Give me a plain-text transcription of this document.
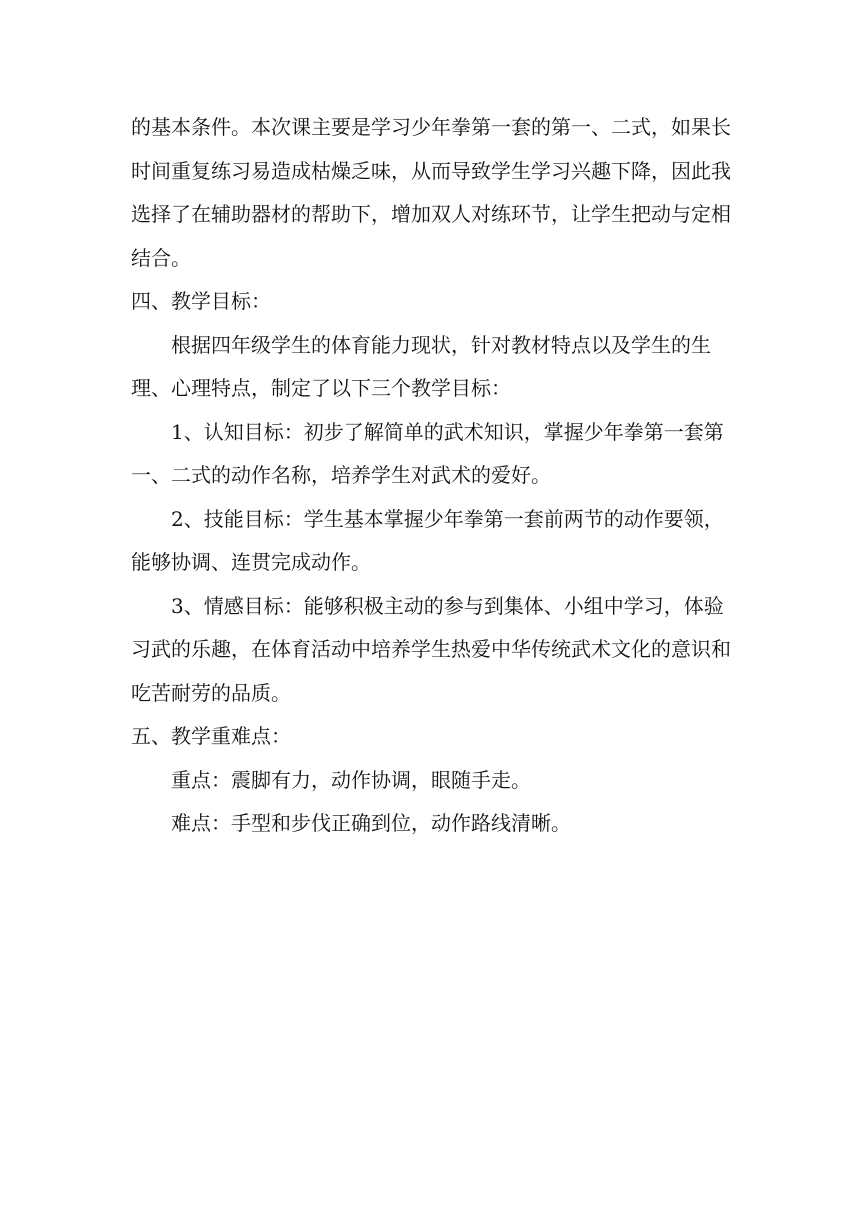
的基本条件。本次课主要是学习少年拳第一套的第一、二式，如果长时间重复练习易造成枯燥乏味，从而导致学生学习兴趣下降，因此我选择了在辅助器材的帮助下，增加双人对练环节，让学生把动与定相结合。

四、教学目标：

根据四年级学生的体育能力现状，针对教材特点以及学生的生理、心理特点，制定了以下三个教学目标：

1、认知目标：初步了解简单的武术知识，掌握少年拳第一套第一、二式的动作名称，培养学生对武术的爱好。

2、技能目标：学生基本掌握少年拳第一套前两节的动作要领，能够协调、连贯完成动作。

3、情感目标：能够积极主动的参与到集体、小组中学习，体验习武的乐趣，在体育活动中培养学生热爱中华传统武术文化的意识和吃苦耐劳的品质。

五、教学重难点：

重点：震脚有力，动作协调，眼随手走。

难点：手型和步伐正确到位，动作路线清晰。
